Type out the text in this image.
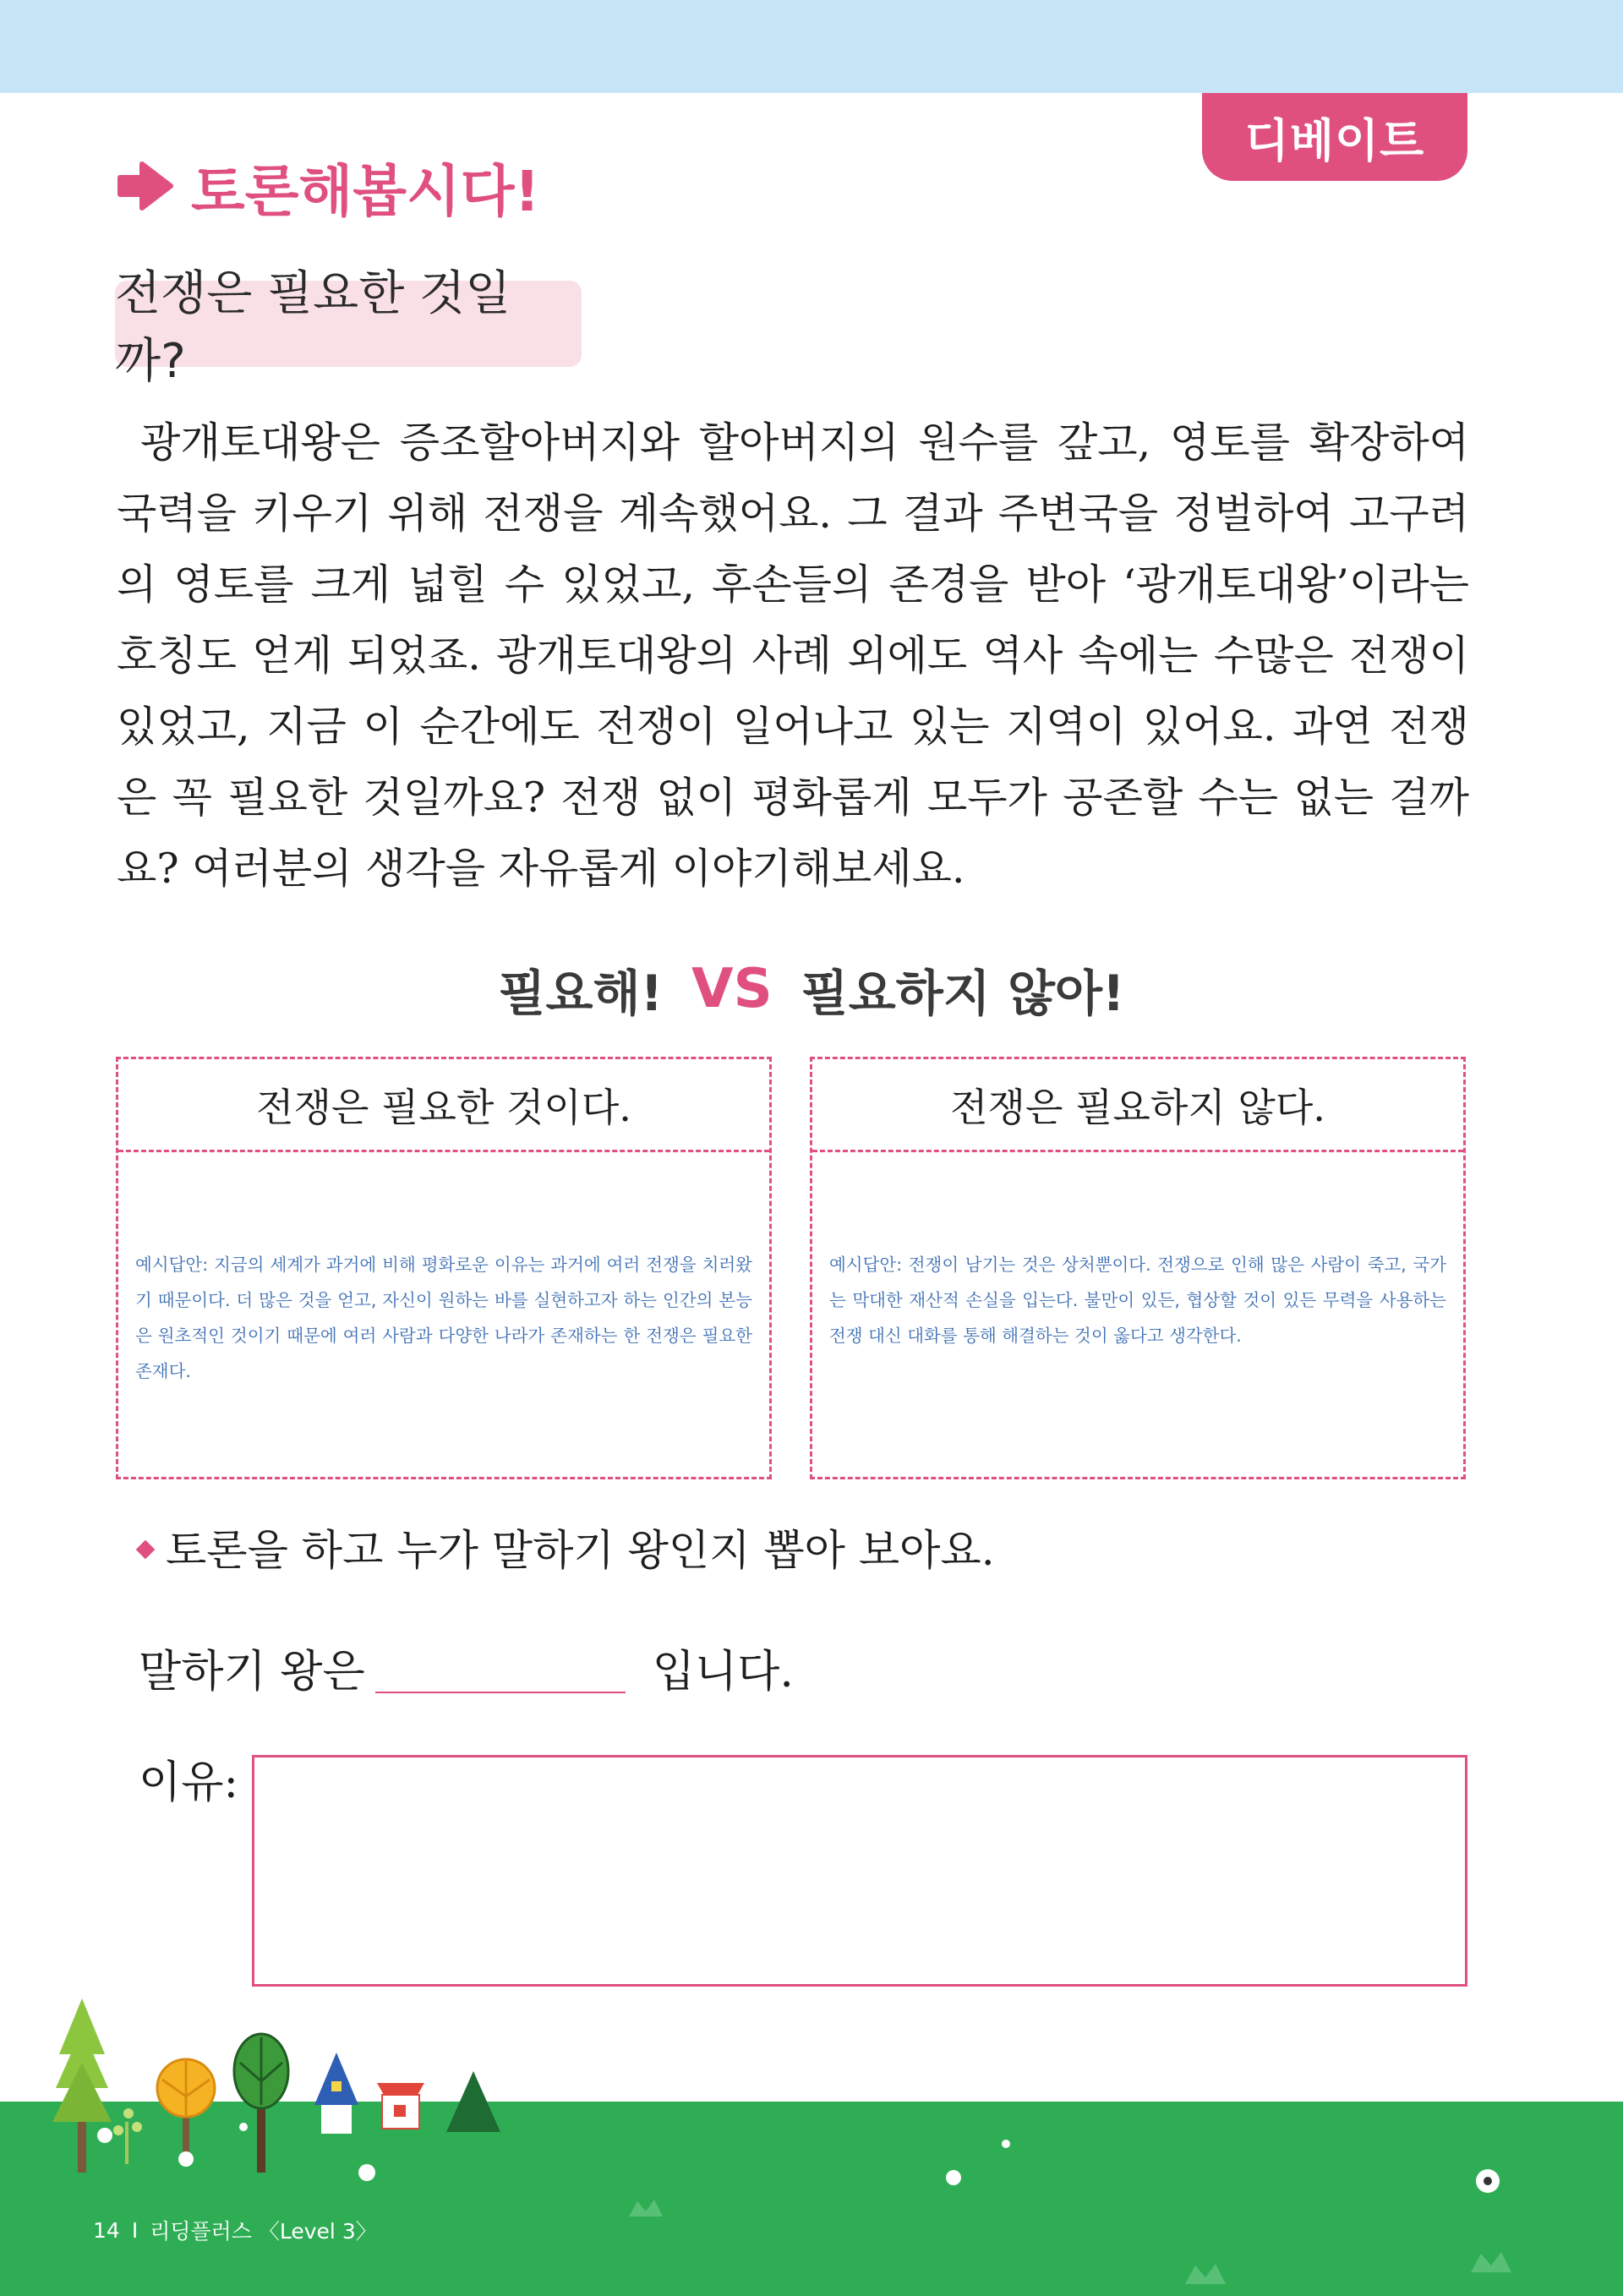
디베이트
토론해봅시다!
전쟁은 필요한 것일까?
광개토대왕은 증조할아버지와 할아버지의 원수를 갚고, 영토를 확장하여 국력을 키우기 위해 전쟁을 계속했어요. 그 결과 주변국을 정벌하여 고구려의 영토를 크게 넓힐 수 있었고, 후손들의 존경을 받아 ‘광개토대왕’이라는 호칭도 얻게 되었죠. 광개토대왕의 사례 외에도 역사 속에는 수많은 전쟁이 있었고, 지금 이 순간에도 전쟁이 일어나고 있는 지역이 있어요. 과연 전쟁은 꼭 필요한 것일까요? 전쟁 없이 평화롭게 모두가 공존할 수는 없는 걸까요? 여러분의 생각을 자유롭게 이야기해보세요.
필요해! VS 필요하지 않아!
전쟁은 필요한 것이다.
예시답안: 지금의 세계가 과거에 비해 평화로운 이유는 과거에 여러 전쟁을 치러왔기 때문이다. 더 많은 것을 얻고, 자신이 원하는 바를 실현하고자 하는 인간의 본능은 원초적인 것이기 때문에 여러 사람과 다양한 나라가 존재하는 한 전쟁은 필요한 존재다.
전쟁은 필요하지 않다.
예시답안: 전쟁이 남기는 것은 상처뿐이다. 전쟁으로 인해 많은 사람이 죽고, 국가는 막대한 재산적 손실을 입는다. 불만이 있든, 협상할 것이 있든 무력을 사용하는 전쟁 대신 대화를 통해 해결하는 것이 옳다고 생각한다.
토론을 하고 누가 말하기 왕인지 뽑아 보아요.
말하기 왕은	입니다.
이유:
14 I 리딩플러스 〈Level 3〉
